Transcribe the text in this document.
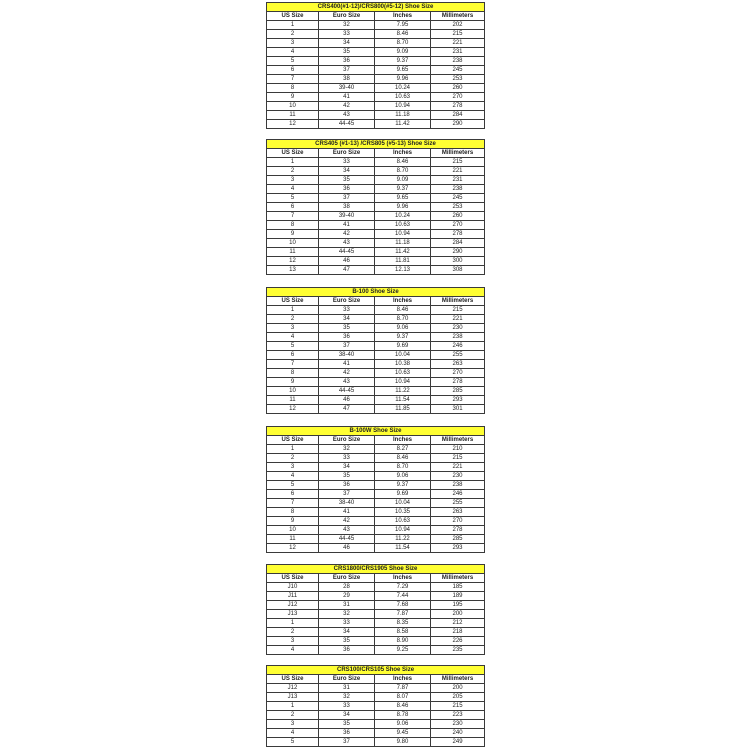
CRS400(#1-12)/CRS800(#5-12) Shoe Size			
US Size	Euro Size	Inches	Millimeters
1	32	7.95	202
2	33	8.46	215
3	34	8.70	221
4	35	9.09	231
5	36	9.37	238
6	37	9.65	245
7	38	9.96	253
8	39-40	10.24	260
9	41	10.63	270
10	42	10.94	278
11	43	11.18	284
12	44-45	11.42	290
CRS405 (#1-13) /CRS805 (#5-13) Shoe Size			
US Size	Euro Size	Inches	Millimeters
1	33	8.46	215
2	34	8.70	221
3	35	9.09	231
4	36	9.37	238
5	37	9.65	245
6	38	9.96	253
7	39-40	10.24	260
8	41	10.63	270
9	42	10.94	278
10	43	11.18	284
11	44-45	11.42	290
12	46	11.81	300
13	47	12.13	308
B-100 Shoe Size			
US Size	Euro Size	Inches	Millimeters
1	33	8.46	215
2	34	8.70	221
3	35	9.06	230
4	36	9.37	238
5	37	9.69	246
6	38-40	10.04	255
7	41	10.38	263
8	42	10.63	270
9	43	10.94	278
10	44-45	11.22	285
11	46	11.54	293
12	47	11.85	301
B-100W Shoe Size			
US Size	Euro Size	Inches	Millimeters
1	32	8.27	210
2	33	8.46	215
3	34	8.70	221
4	35	9.06	230
5	36	9.37	238
6	37	9.69	246
7	38-40	10.04	255
8	41	10.35	263
9	42	10.63	270
10	43	10.94	278
11	44-45	11.22	285
12	46	11.54	293
CRS1800/CRS1905 Shoe Size			
US Size	Euro Size	Inches	Millimeters
J10	28	7.29	185
J11	29	7.44	189
J12	31	7.68	195
J13	32	7.87	200
1	33	8.35	212
2	34	8.58	218
3	35	8.90	226
4	36	9.25	235
CRS100/CRS105 Shoe Size			
US Size	Euro Size	Inches	Millimeters
J12	31	7.87	200
J13	32	8.07	205
1	33	8.46	215
2	34	8.78	223
3	35	9.06	230
4	36	9.45	240
5	37	9.80	249
